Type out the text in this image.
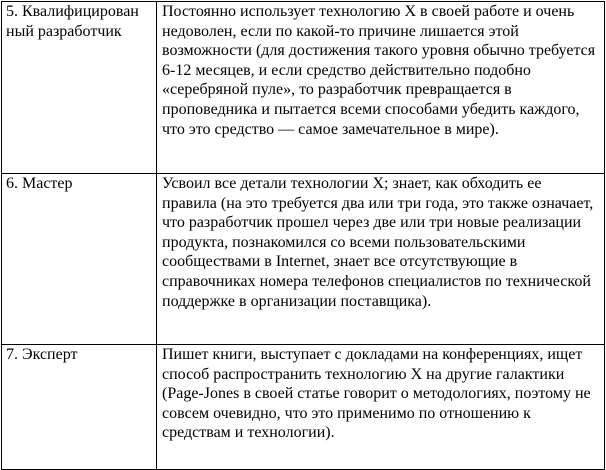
5. Квалифицирован ный разработчик	Постоянно использует технологию X в своей работе и очень недоволен, если по какой-то причине лишается этой возможности (для достижения такого уровня обычно требуется 6-12 месяцев, и если средство действительно подобно «серебряной пуле», то разработчик превращается в проповедника и пытается всеми способами убедить каждого, что это средство — самое замечательное в мире).
6. Мастер	Усвоил все детали технологии X; знает, как обходить ее правила (на это требуется два или три года, это также означает, что разработчик прошел через две или три новые реализации продукта, познакомился со всеми пользовательскими сообществами в Internet, знает все отсутствующие в справочниках номера телефонов специалистов по технической поддержке в организации поставщика).
7. Эксперт	Пишет книги, выступает с докладами на конференциях, ищет способ распространить технологию X на другие галактики (Page-Jones в своей статье говорит о методологиях, поэтому не совсем очевидно, что это применимо по отношению к средствам и технологии).
